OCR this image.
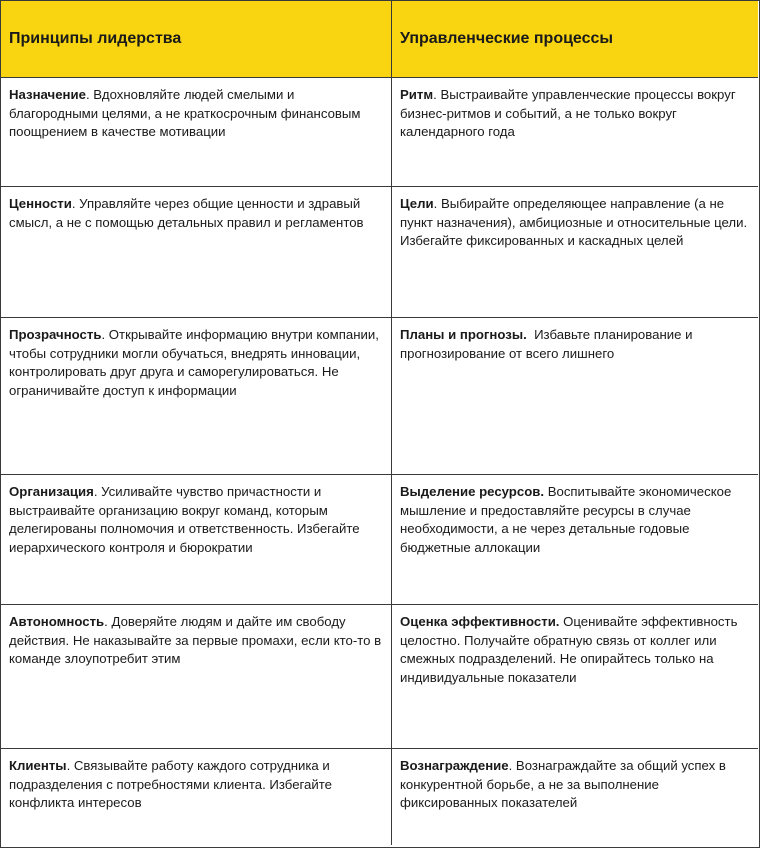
Принципы лидерства	Управленческие процессы
Назначение. Вдохновляйте людей смелыми и благородными целями, а не краткосрочным финансовым поощрением в качестве мотивации
Ритм. Выстраивайте управленческие процессы вокруг бизнес-ритмов и событий, а не только вокруг календарного года
Ценности. Управляйте через общие ценности и здравый смысл, а не с помощью детальных правил и регламентов
Цели. Выбирайте определяющее направление (а не пункт назначения), амбициозные и относительные цели. Избегайте фиксированных и каскадных целей
Прозрачность. Открывайте информацию внутри компании, чтобы сотрудники могли обучаться, внедрять инновации, контролировать друг друга и саморегулироваться. Не ограничивайте доступ к информации
Планы и прогнозы.  Избавьте планирование и прогнозирование от всего лишнего
Организация. Усиливайте чувство причастности и выстраивайте организацию вокруг команд, которым делегированы полномочия и ответственность. Избегайте иерархического контроля и бюрократии
Выделение ресурсов. Воспитывайте экономическое мышление и предоставляйте ресурсы в случае необходимости, а не через детальные годовые бюджетные аллокации
Автономность. Доверяйте людям и дайте им свободу действия. Не наказывайте за первые промахи, если кто-то в команде злоупотребит этим
Оценка эффективности. Оценивайте эффективность целостно. Получайте обратную связь от коллег или смежных подразделений. Не опирайтесь только на индивидуальные показатели
Клиенты. Связывайте работу каждого сотрудника и подразделения с потребностями клиента. Избегайте конфликта интересов
Вознаграждение. Вознаграждайте за общий успех в конкурентной борьбе, а не за выполнение фиксированных показателей
